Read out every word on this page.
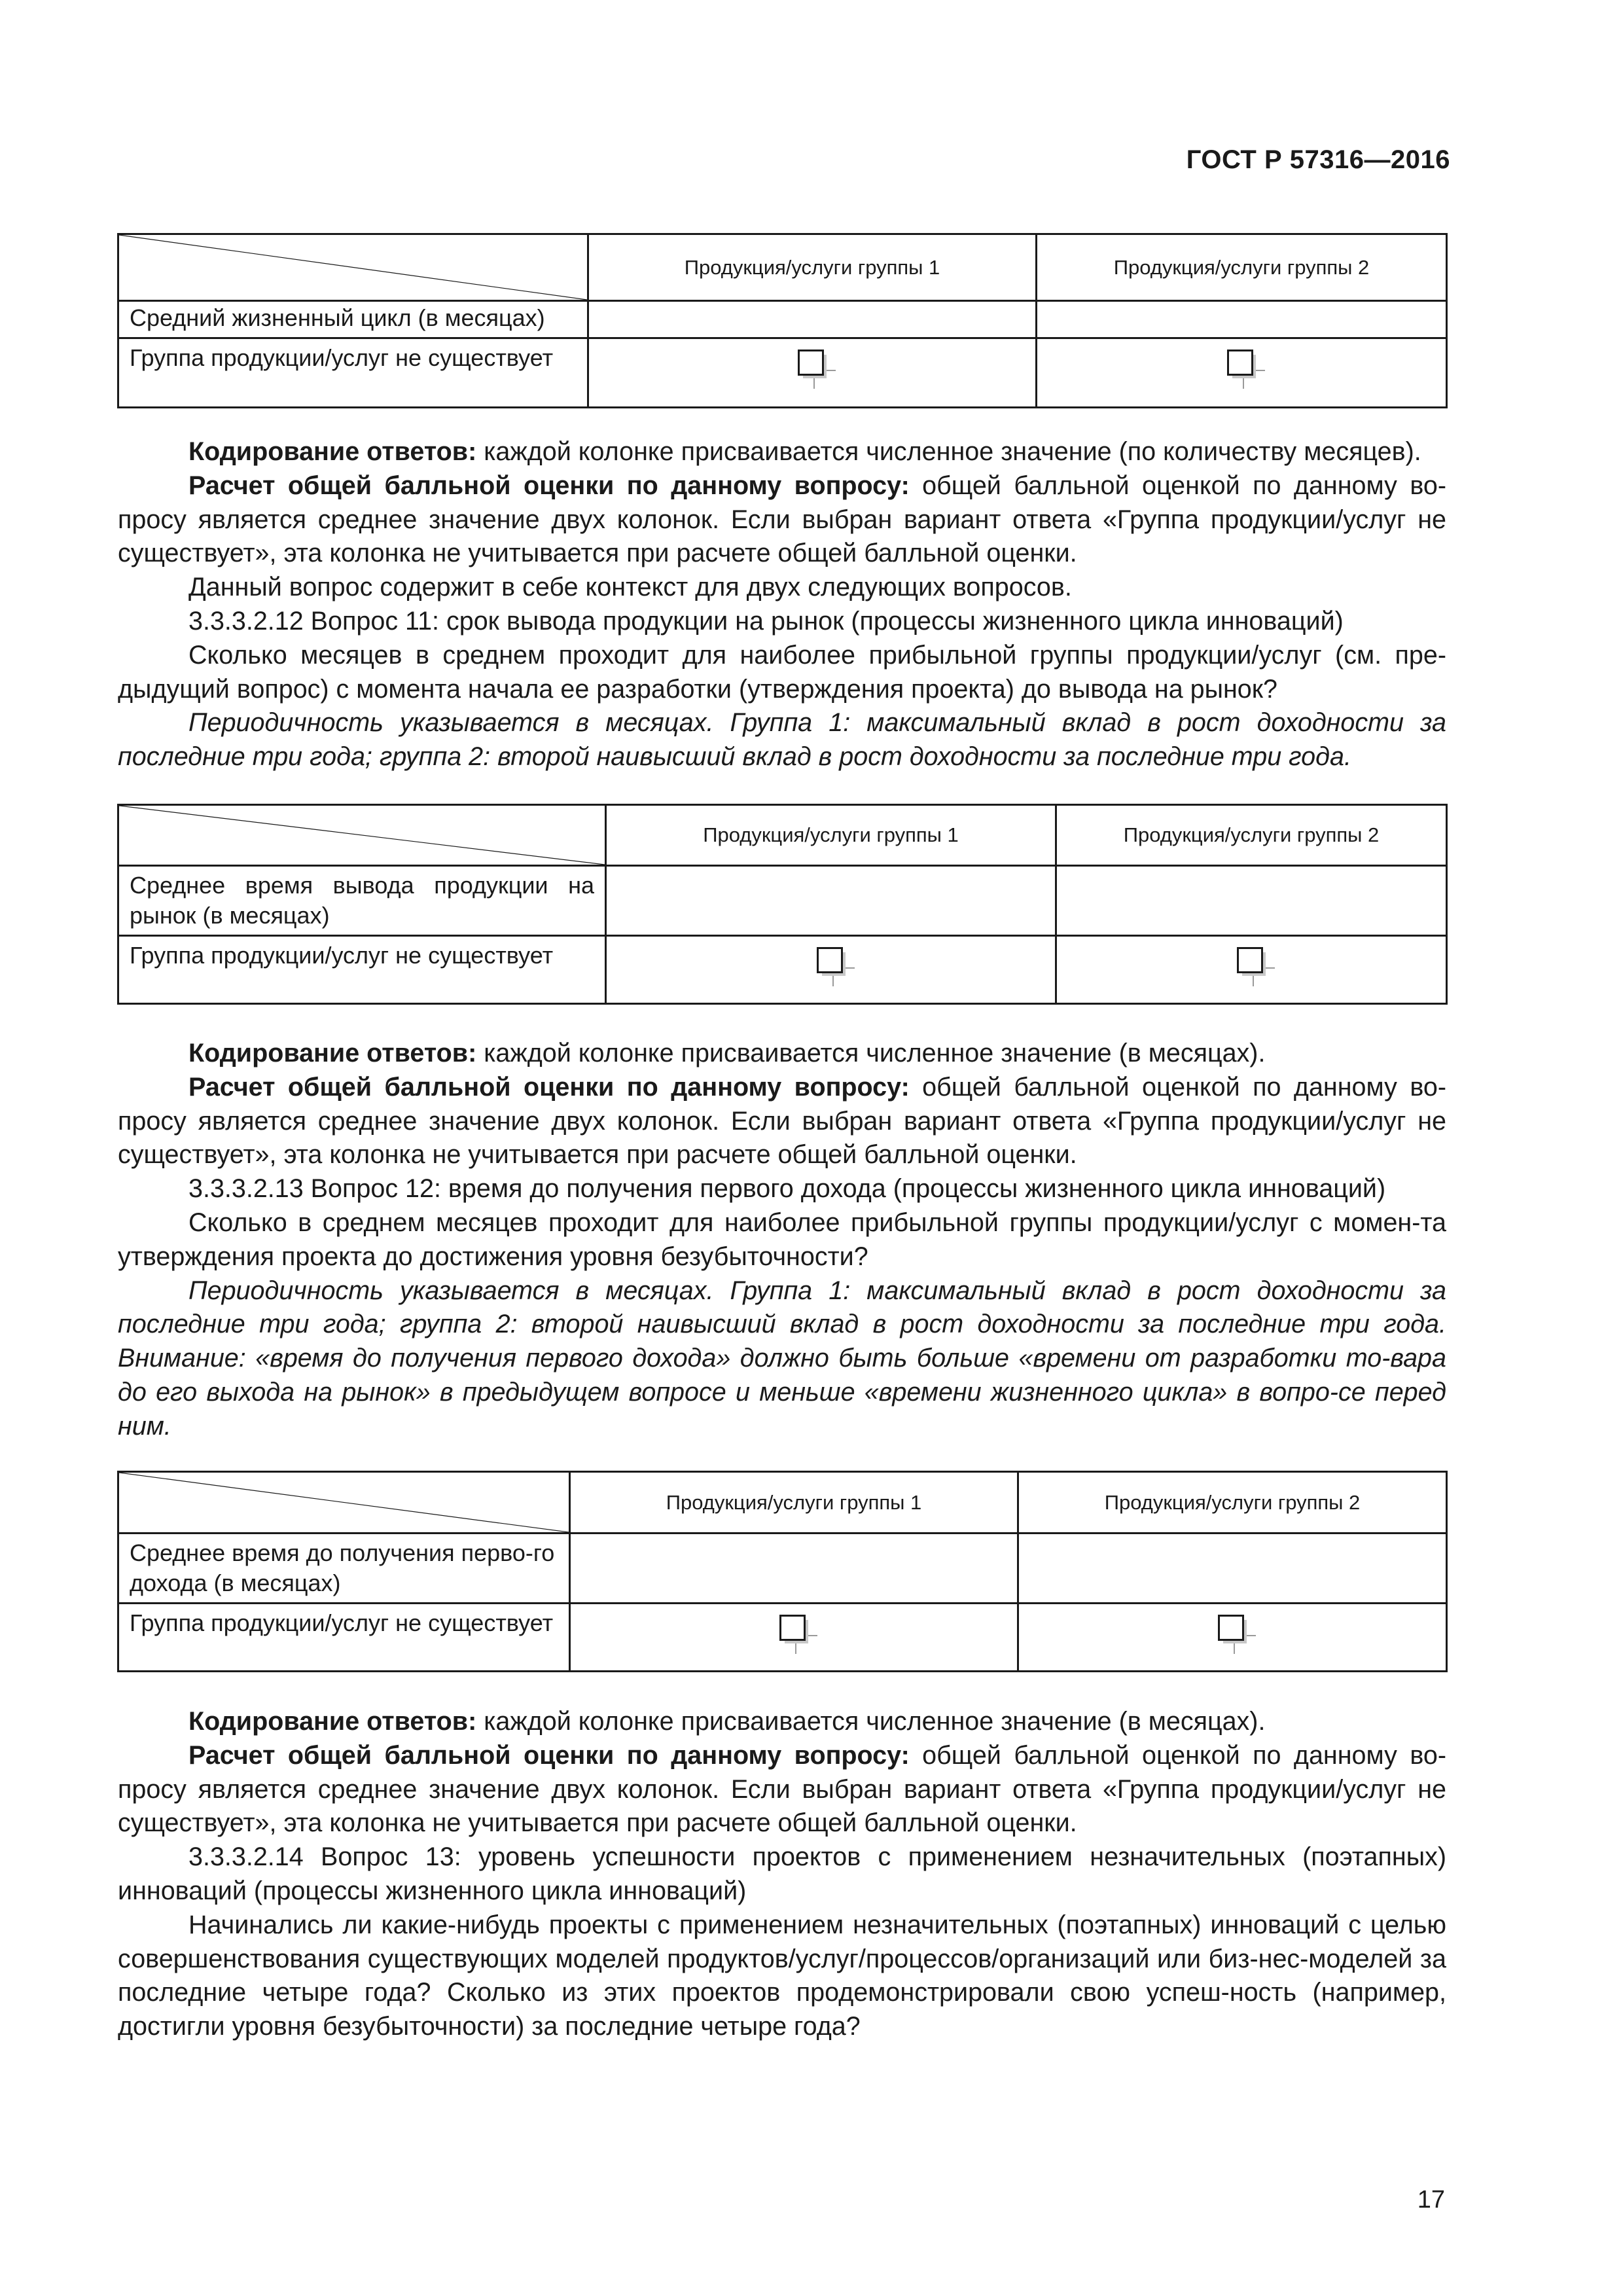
ГОСТ Р 57316—2016
	Продукция/услуги группы 1	Продукция/услуги группы 2
Средний жизненный цикл (в месяцах)		
Группа продукции/услуг не существует	

Кодирование ответов: каждой колонке присваивается численное значение (по количеству месяцев).

Расчет общей балльной оценки по данному вопросу: общей балльной оценкой по данному во-просу является среднее значение двух колонок. Если выбран вариант ответа «Группа продукции/услуг не существует», эта колонка не учитывается при расчете общей балльной оценки.

Данный вопрос содержит в себе контекст для двух следующих вопросов.

3.3.3.2.12 Вопрос 11: срок вывода продукции на рынок (процессы жизненного цикла инноваций)

Сколько месяцев в среднем проходит для наиболее прибыльной группы продукции/услуг (см. пре-дыдущий вопрос) с момента начала ее разработки (утверждения проекта) до вывода на рынок?

Периодичность указывается в месяцах. Группа 1: максимальный вклад в рост доходности за последние три года; группа 2: второй наивысший вклад в рост доходности за последние три года.

	Продукция/услуги группы 1	Продукция/услуги группы 2
Среднее время вывода продукции на рынок (в месяцах)		
Группа продукции/услуг не существует	

Кодирование ответов: каждой колонке присваивается численное значение (в месяцах).

Расчет общей балльной оценки по данному вопросу: общей балльной оценкой по данному во-просу является среднее значение двух колонок. Если выбран вариант ответа «Группа продукции/услуг не существует», эта колонка не учитывается при расчете общей балльной оценки.

3.3.3.2.13 Вопрос 12: время до получения первого дохода (процессы жизненного цикла инноваций)

Сколько в среднем месяцев проходит для наиболее прибыльной группы продукции/услуг с момен-та утверждения проекта до достижения уровня безубыточности?

Периодичность указывается в месяцах. Группа 1: максимальный вклад в рост доходности за последние три года; группа 2: второй наивысший вклад в рост доходности за последние три года. Внимание: «время до получения первого дохода» должно быть больше «времени от разработки то-вара до его выхода на рынок» в предыдущем вопросе и меньше «времени жизненного цикла» в вопро-се перед ним.

	Продукция/услуги группы 1	Продукция/услуги группы 2
Среднее время до получения перво-го дохода (в месяцах)		
Группа продукции/услуг не существует	

Кодирование ответов: каждой колонке присваивается численное значение (в месяцах).

Расчет общей балльной оценки по данному вопросу: общей балльной оценкой по данному во-просу является среднее значение двух колонок. Если выбран вариант ответа «Группа продукции/услуг не существует», эта колонка не учитывается при расчете общей балльной оценки.

3.3.3.2.14 Вопрос 13: уровень успешности проектов с применением незначительных (поэтапных) инноваций (процессы жизненного цикла инноваций)

Начинались ли какие-нибудь проекты с применением незначительных (поэтапных) инноваций с целью совершенствования существующих моделей продуктов/услуг/процессов/организаций или биз-нес-моделей за последние четыре года? Сколько из этих проектов продемонстрировали свою успеш-ность (например, достигли уровня безубыточности) за последние четыре года?

17
